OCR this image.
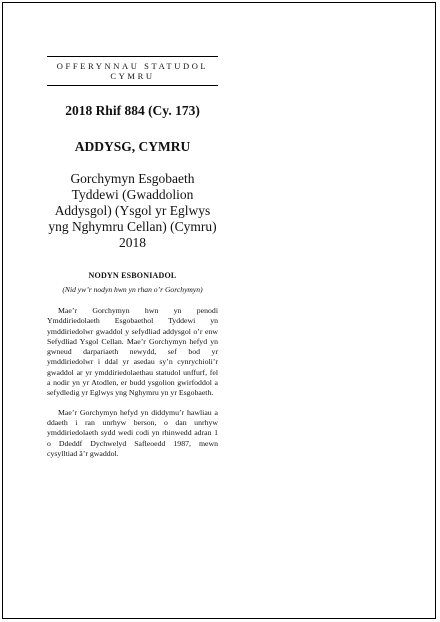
OFFERYNNAU STATUDOL
CYMRU

2018 Rhif 884 (Cy. 173)

ADDYSG, CYMRU

Gorchymyn Esgobaeth Tyddewi (Gwaddolion Addysgol) (Ysgol yr Eglwys yng Nghymru Cellan) (Cymru) 2018

NODYN ESBONIADOL

(Nid yw’r nodyn hwn yn rhan o’r Gorchymyn)

Mae’r Gorchymyn hwn yn penodi Ymddiriedolaeth Esgobaethol Tyddewi yn ymddiriedolwr gwaddol y sefydliad addysgol o’r enw Sefydliad Ysgol Cellan. Mae’r Gorchymyn hefyd yn gwneud darpariaeth newydd, sef bod yr ymddiriedolwr i ddal yr asedau sy’n cynrychioli’r gwaddol ar yr ymddiriedolaethau statudol unffurf, fel a nodir yn yr Atodlen, er budd ysgolion gwirfoddol a sefydledig yr Eglwys yng Nghymru yn yr Esgobaeth.

Mae’r Gorchymyn hefyd yn diddymu’r hawliau a ddaeth i ran unrhyw berson, o dan unrhyw ymddiriedolaeth sydd wedi codi yn rhinwedd adran 1 o Ddeddf Dychwelyd Safleoedd 1987, mewn cysylltiad â’r gwaddol.
